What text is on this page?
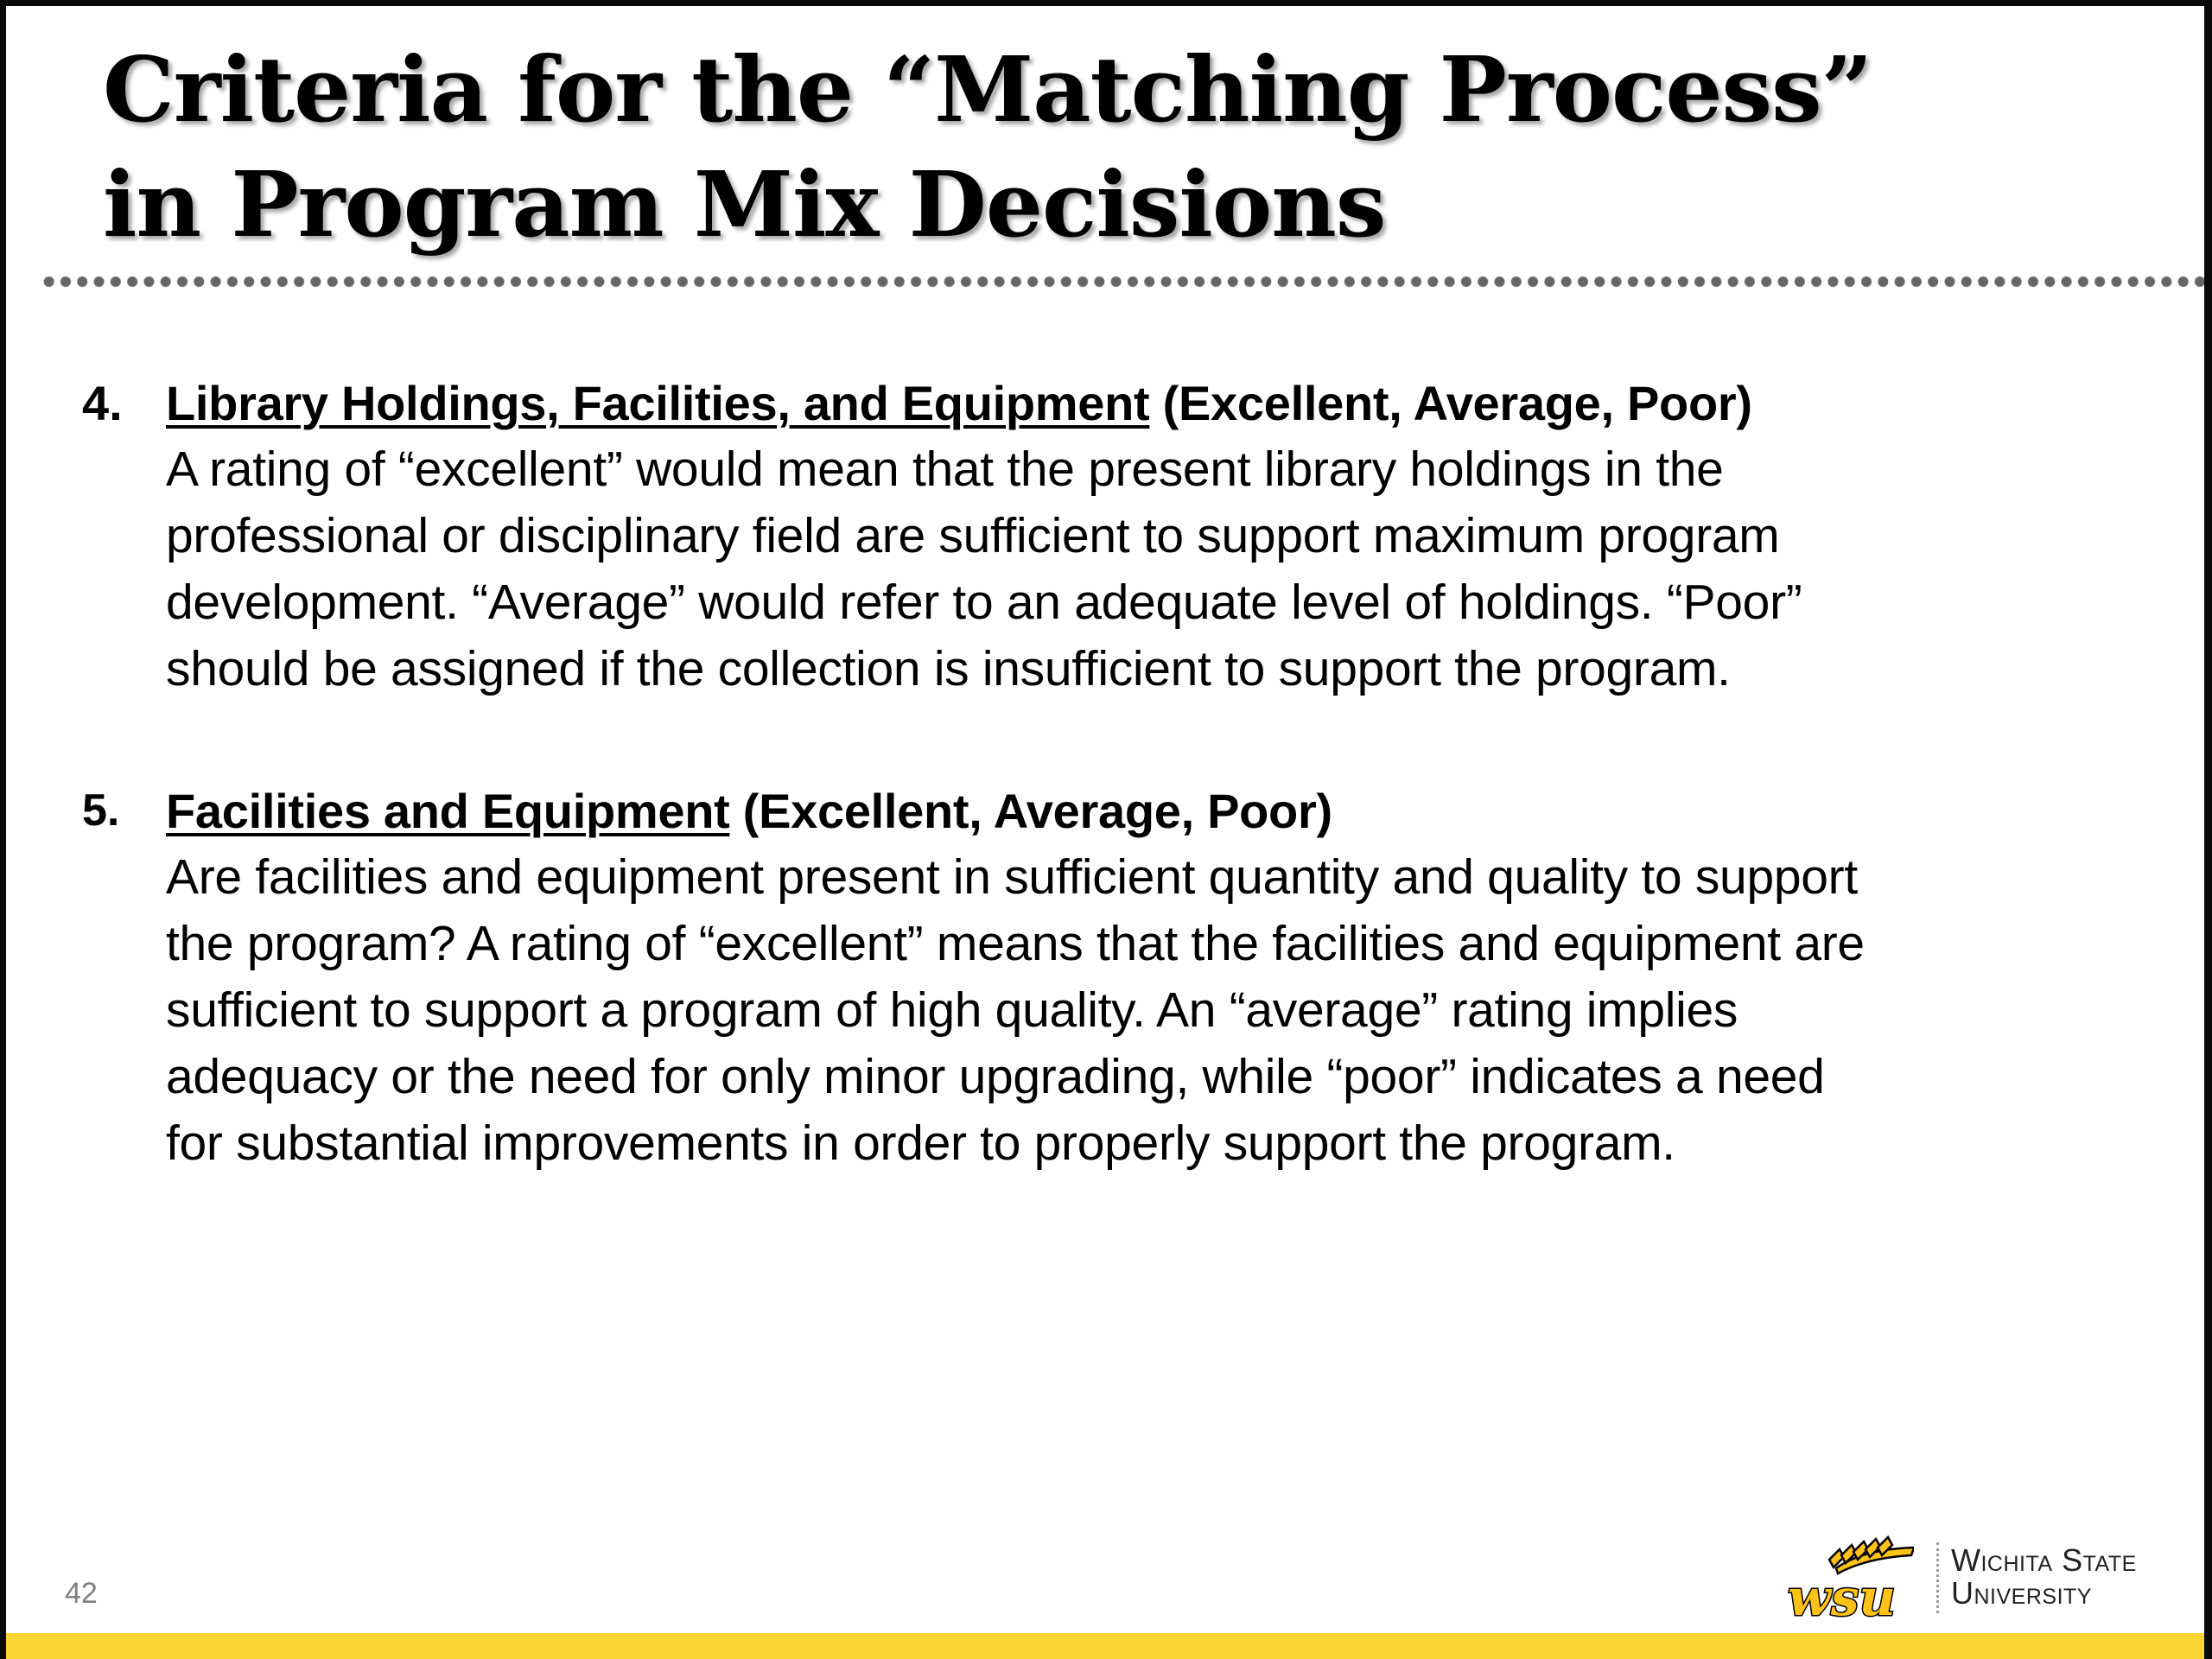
Criteria for the “Matching Process”
in Program Mix Decisions
4. Library Holdings, Facilities, and Equipment (Excellent, Average, Poor)
A rating of “excellent” would mean that the present library holdings in the
professional or disciplinary field are sufficient to support maximum program
development. “Average” would refer to an adequate level of holdings. “Poor”
should be assigned if the collection is insufficient to support the program.
5. Facilities and Equipment (Excellent, Average, Poor)
Are facilities and equipment present in sufficient quantity and quality to support
the program? A rating of “excellent” means that the facilities and equipment are
sufficient to support a program of high quality. An “average” rating implies
adequacy or the need for only minor upgrading, while “poor” indicates a need
for substantial improvements in order to properly support the program.
42	wsu
Wichita State
University
